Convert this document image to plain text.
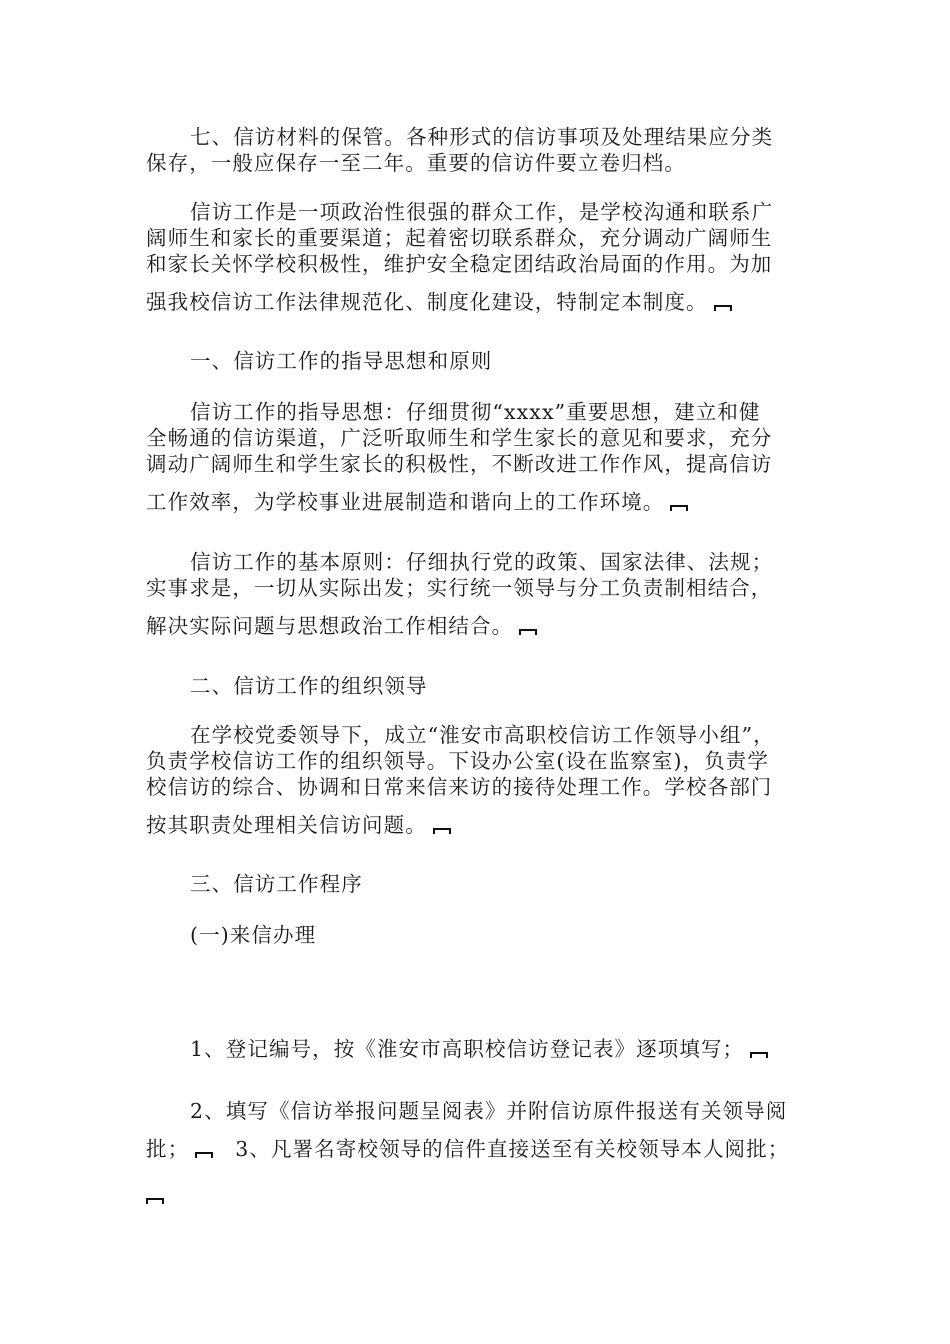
七、信访材料的保管。各种形式的信访事项及处理结果应分类
保存，一般应保存一至二年。重要的信访件要立卷归档。

信访工作是一项政治性很强的群众工作，是学校沟通和联系广
阔师生和家长的重要渠道；起着密切联系群众，充分调动广阔师生
和家长关怀学校积极性，维护安全稳定团结政治局面的作用。为加
强我校信访工作法律规范化、制度化建设，特制定本制度。

一、信访工作的指导思想和原则

信访工作的指导思想：仔细贯彻“xxxx”重要思想，建立和健
全畅通的信访渠道，广泛听取师生和学生家长的意见和要求，充分
调动广阔师生和学生家长的积极性，不断改进工作作风，提高信访
工作效率，为学校事业进展制造和谐向上的工作环境。

信访工作的基本原则：仔细执行党的政策、国家法律、法规；
实事求是，一切从实际出发；实行统一领导与分工负责制相结合，
解决实际问题与思想政治工作相结合。

二、信访工作的组织领导

在学校党委领导下，成立“淮安市高职校信访工作领导小组”，
负责学校信访工作的组织领导。下设办公室(设在监察室)，负责学
校信访的综合、协调和日常来信来访的接待处理工作。学校各部门
按其职责处理相关信访问题。

三、信访工作程序

(一)来信办理

1、登记编号，按《淮安市高职校信访登记表》逐项填写；

2、填写《信访举报问题呈阅表》并附信访原件报送有关领导阅
批； 3、凡署名寄校领导的信件直接送至有关校领导本人阅批；
